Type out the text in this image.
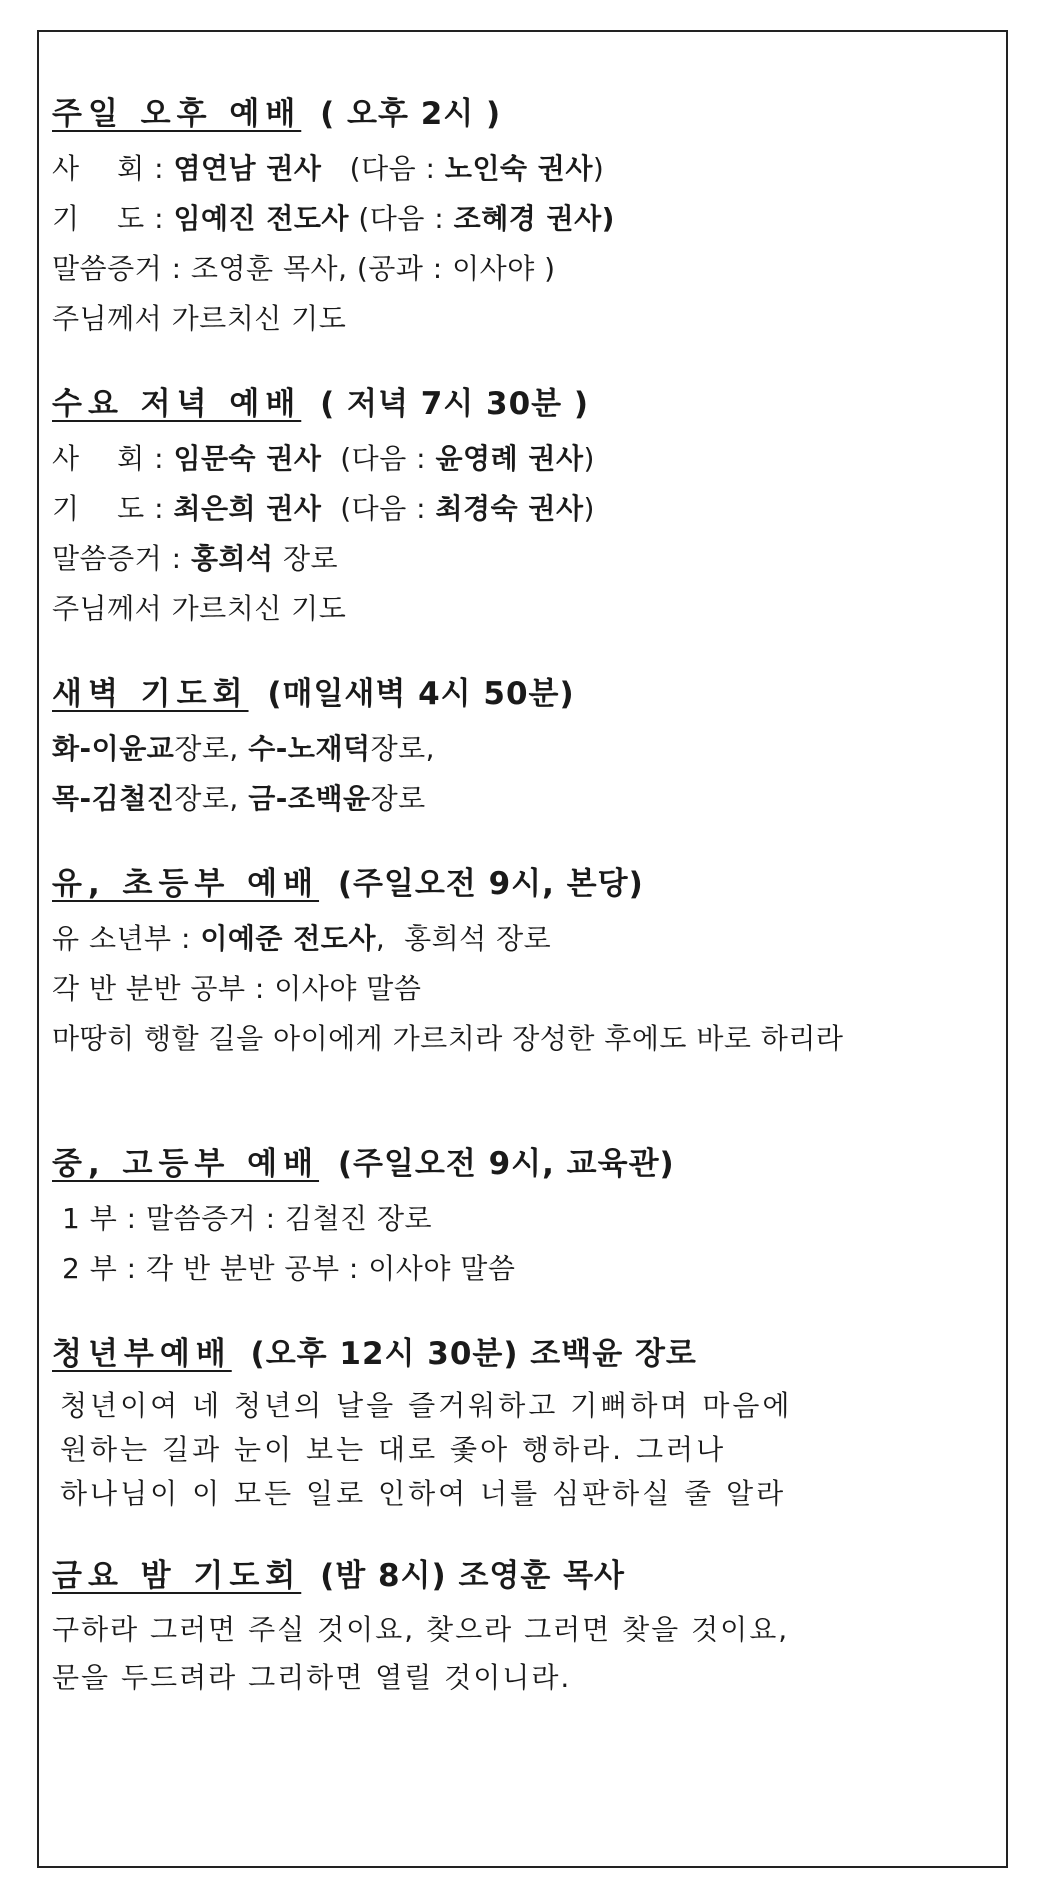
주일 오후 예배 ( 오후 2시 )
사    회 : 염연남 권사   (다음 : 노인숙 권사)
기    도 : 임예진 전도사 (다음 : 조혜경 권사)
말씀증거 : 조영훈 목사, (공과 : 이사야 )
주님께서 가르치신 기도
수요 저녁 예배 ( 저녁 7시 30분 )
사    회 : 임문숙 권사  (다음 : 윤영례 권사)
기    도 : 최은희 권사  (다음 : 최경숙 권사)
말씀증거 : 홍희석 장로
주님께서 가르치신 기도
새벽 기도회 (매일새벽 4시 50분)
화-이윤교장로, 수-노재덕장로,
목-김철진장로, 금-조백윤장로
유, 초등부 예배 (주일오전 9시, 본당)
유 소년부 : 이예준 전도사,  홍희석 장로
각 반 분반 공부 : 이사야 말씀
마땅히 행할 길을 아이에게 가르치라 장성한 후에도 바로 하리라
중, 고등부 예배 (주일오전 9시, 교육관)
1 부 : 말씀증거 : 김철진 장로
2 부 : 각 반 분반 공부 : 이사야 말씀
청년부예배 (오후 12시 30분) 조백윤 장로
청년이여 네 청년의 날을 즐거워하고 기뻐하며 마음에
원하는 길과 눈이 보는 대로 좇아 행하라. 그러나
하나님이 이 모든 일로 인하여 너를 심판하실 줄 알라
금요 밤 기도회 (밤 8시) 조영훈 목사
구하라 그러면 주실 것이요, 찾으라 그러면 찾을 것이요,
문을 두드려라 그리하면 열릴 것이니라.
